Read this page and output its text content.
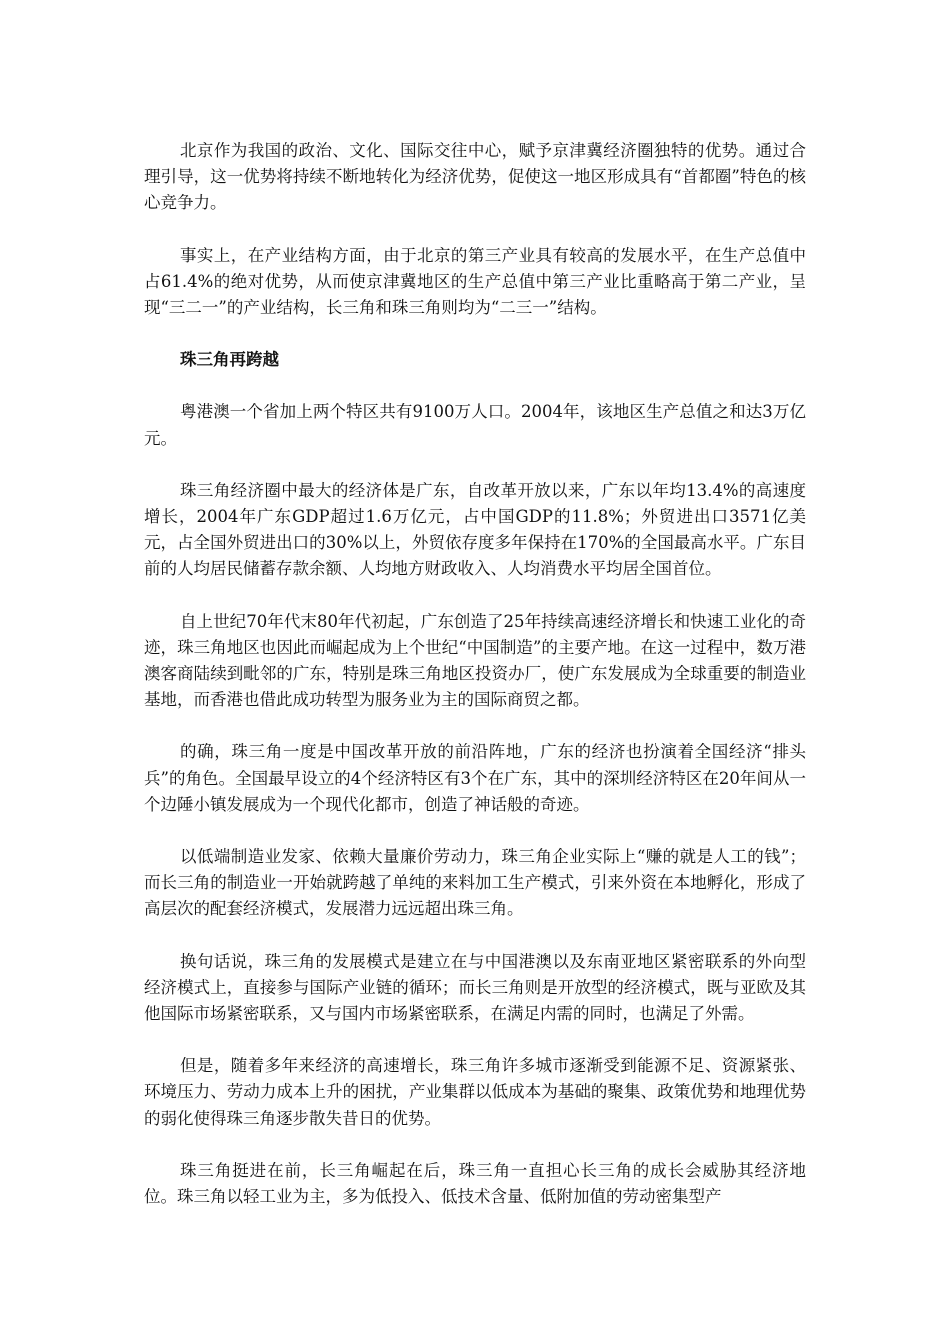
北京作为我国的政治、文化、国际交往中心，赋予京津冀经济圈独特的优势。通过合理引导，这一优势将持续不断地转化为经济优势，促使这一地区形成具有“首都圈”特色的核心竞争力。

事实上，在产业结构方面，由于北京的第三产业具有较高的发展水平，在生产总值中占61.4%的绝对优势，从而使京津冀地区的生产总值中第三产业比重略高于第二产业，呈现“三二一”的产业结构，长三角和珠三角则均为“二三一”结构。

珠三角再跨越

粤港澳一个省加上两个特区共有9100万人口。2004年，该地区生产总值之和达3万亿元。

珠三角经济圈中最大的经济体是广东，自改革开放以来，广东以年均13.4%的高速度增长，2004年广东GDP超过1.6万亿元，占中国GDP的11.8%；外贸进出口3571亿美元，占全国外贸进出口的30%以上，外贸依存度多年保持在170%的全国最高水平。广东目前的人均居民储蓄存款余额、人均地方财政收入、人均消费水平均居全国首位。

自上世纪70年代末80年代初起，广东创造了25年持续高速经济增长和快速工业化的奇迹，珠三角地区也因此而崛起成为上个世纪“中国制造”的主要产地。在这一过程中，数万港澳客商陆续到毗邻的广东，特别是珠三角地区投资办厂，使广东发展成为全球重要的制造业基地，而香港也借此成功转型为服务业为主的国际商贸之都。

的确，珠三角一度是中国改革开放的前沿阵地，广东的经济也扮演着全国经济“排头兵”的角色。全国最早设立的4个经济特区有3个在广东，其中的深圳经济特区在20年间从一个边陲小镇发展成为一个现代化都市，创造了神话般的奇迹。

以低端制造业发家、依赖大量廉价劳动力，珠三角企业实际上“赚的就是人工的钱”；而长三角的制造业一开始就跨越了单纯的来料加工生产模式，引来外资在本地孵化，形成了高层次的配套经济模式，发展潜力远远超出珠三角。

换句话说，珠三角的发展模式是建立在与中国港澳以及东南亚地区紧密联系的外向型经济模式上，直接参与国际产业链的循环；而长三角则是开放型的经济模式，既与亚欧及其他国际市场紧密联系，又与国内市场紧密联系，在满足内需的同时，也满足了外需。

但是，随着多年来经济的高速增长，珠三角许多城市逐渐受到能源不足、资源紧张、环境压力、劳动力成本上升的困扰，产业集群以低成本为基础的聚集、政策优势和地理优势的弱化使得珠三角逐步散失昔日的优势。

珠三角挺进在前，长三角崛起在后，珠三角一直担心长三角的成长会威胁其经济地位。珠三角以轻工业为主，多为低投入、低技术含量、低附加值的劳动密集型产
